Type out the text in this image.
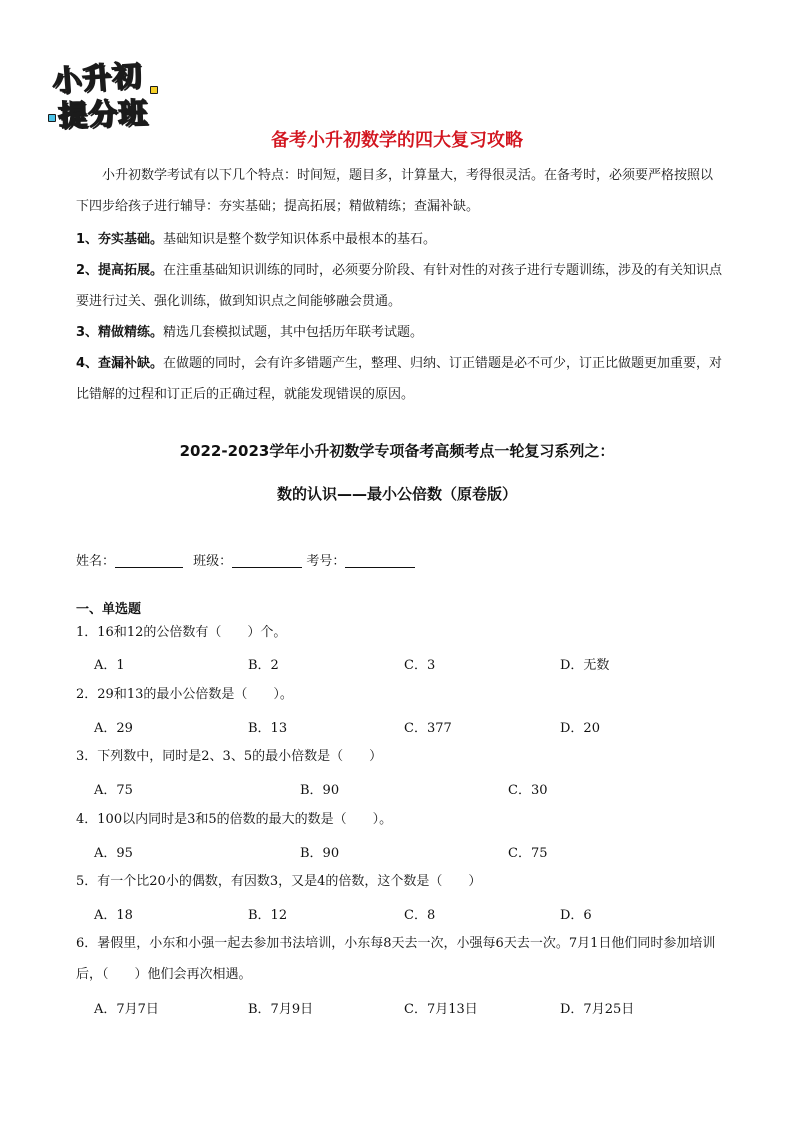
小升初
提分班
备考小升初数学的四大复习攻略
小升初数学考试有以下几个特点：时间短，题目多，计算量大，考得很灵活。在备考时，必须要严格按照以下四步给孩子进行辅导：夯实基础；提高拓展；精做精练；查漏补缺。
1、夯实基础。基础知识是整个数学知识体系中最根本的基石。
2、提高拓展。在注重基础知识训练的同时，必须要分阶段、有针对性的对孩子进行专题训练，涉及的有关知识点要进行过关、强化训练，做到知识点之间能够融会贯通。
3、精做精练。精选几套模拟试题，其中包括历年联考试题。
4、查漏补缺。在做题的同时，会有许多错题产生，整理、归纳、订正错题是必不可少，订正比做题更加重要，对比错解的过程和订正后的正确过程，就能发现错误的原因。
2022-2023学年小升初数学专项备考高频考点一轮复习系列之：
数的认识——最小公倍数（原卷版）
姓名：	班级：	考号：
一、单选题
1．16和12的公倍数有（　　）个。
A．1	B．2	C．3	D．无数
2．29和13的最小公倍数是（　　）。
A．29	B．13	C．377	D．20
3．下列数中，同时是2、3、5的最小倍数是（　　）
A．75	B．90	C．30
4．100以内同时是3和5的倍数的最大的数是（　　）。
A．95	B．90	C．75
5．有一个比20小的偶数，有因数3，又是4的倍数，这个数是（　　）
A．18	B．12	C．8	D．6
6．暑假里，小东和小强一起去参加书法培训，小东每8天去一次，小强每6天去一次。7月1日他们同时参加培训后，（　　）他们会再次相遇。
A．7月7日	B．7月9日	C．7月13日	D．7月25日
